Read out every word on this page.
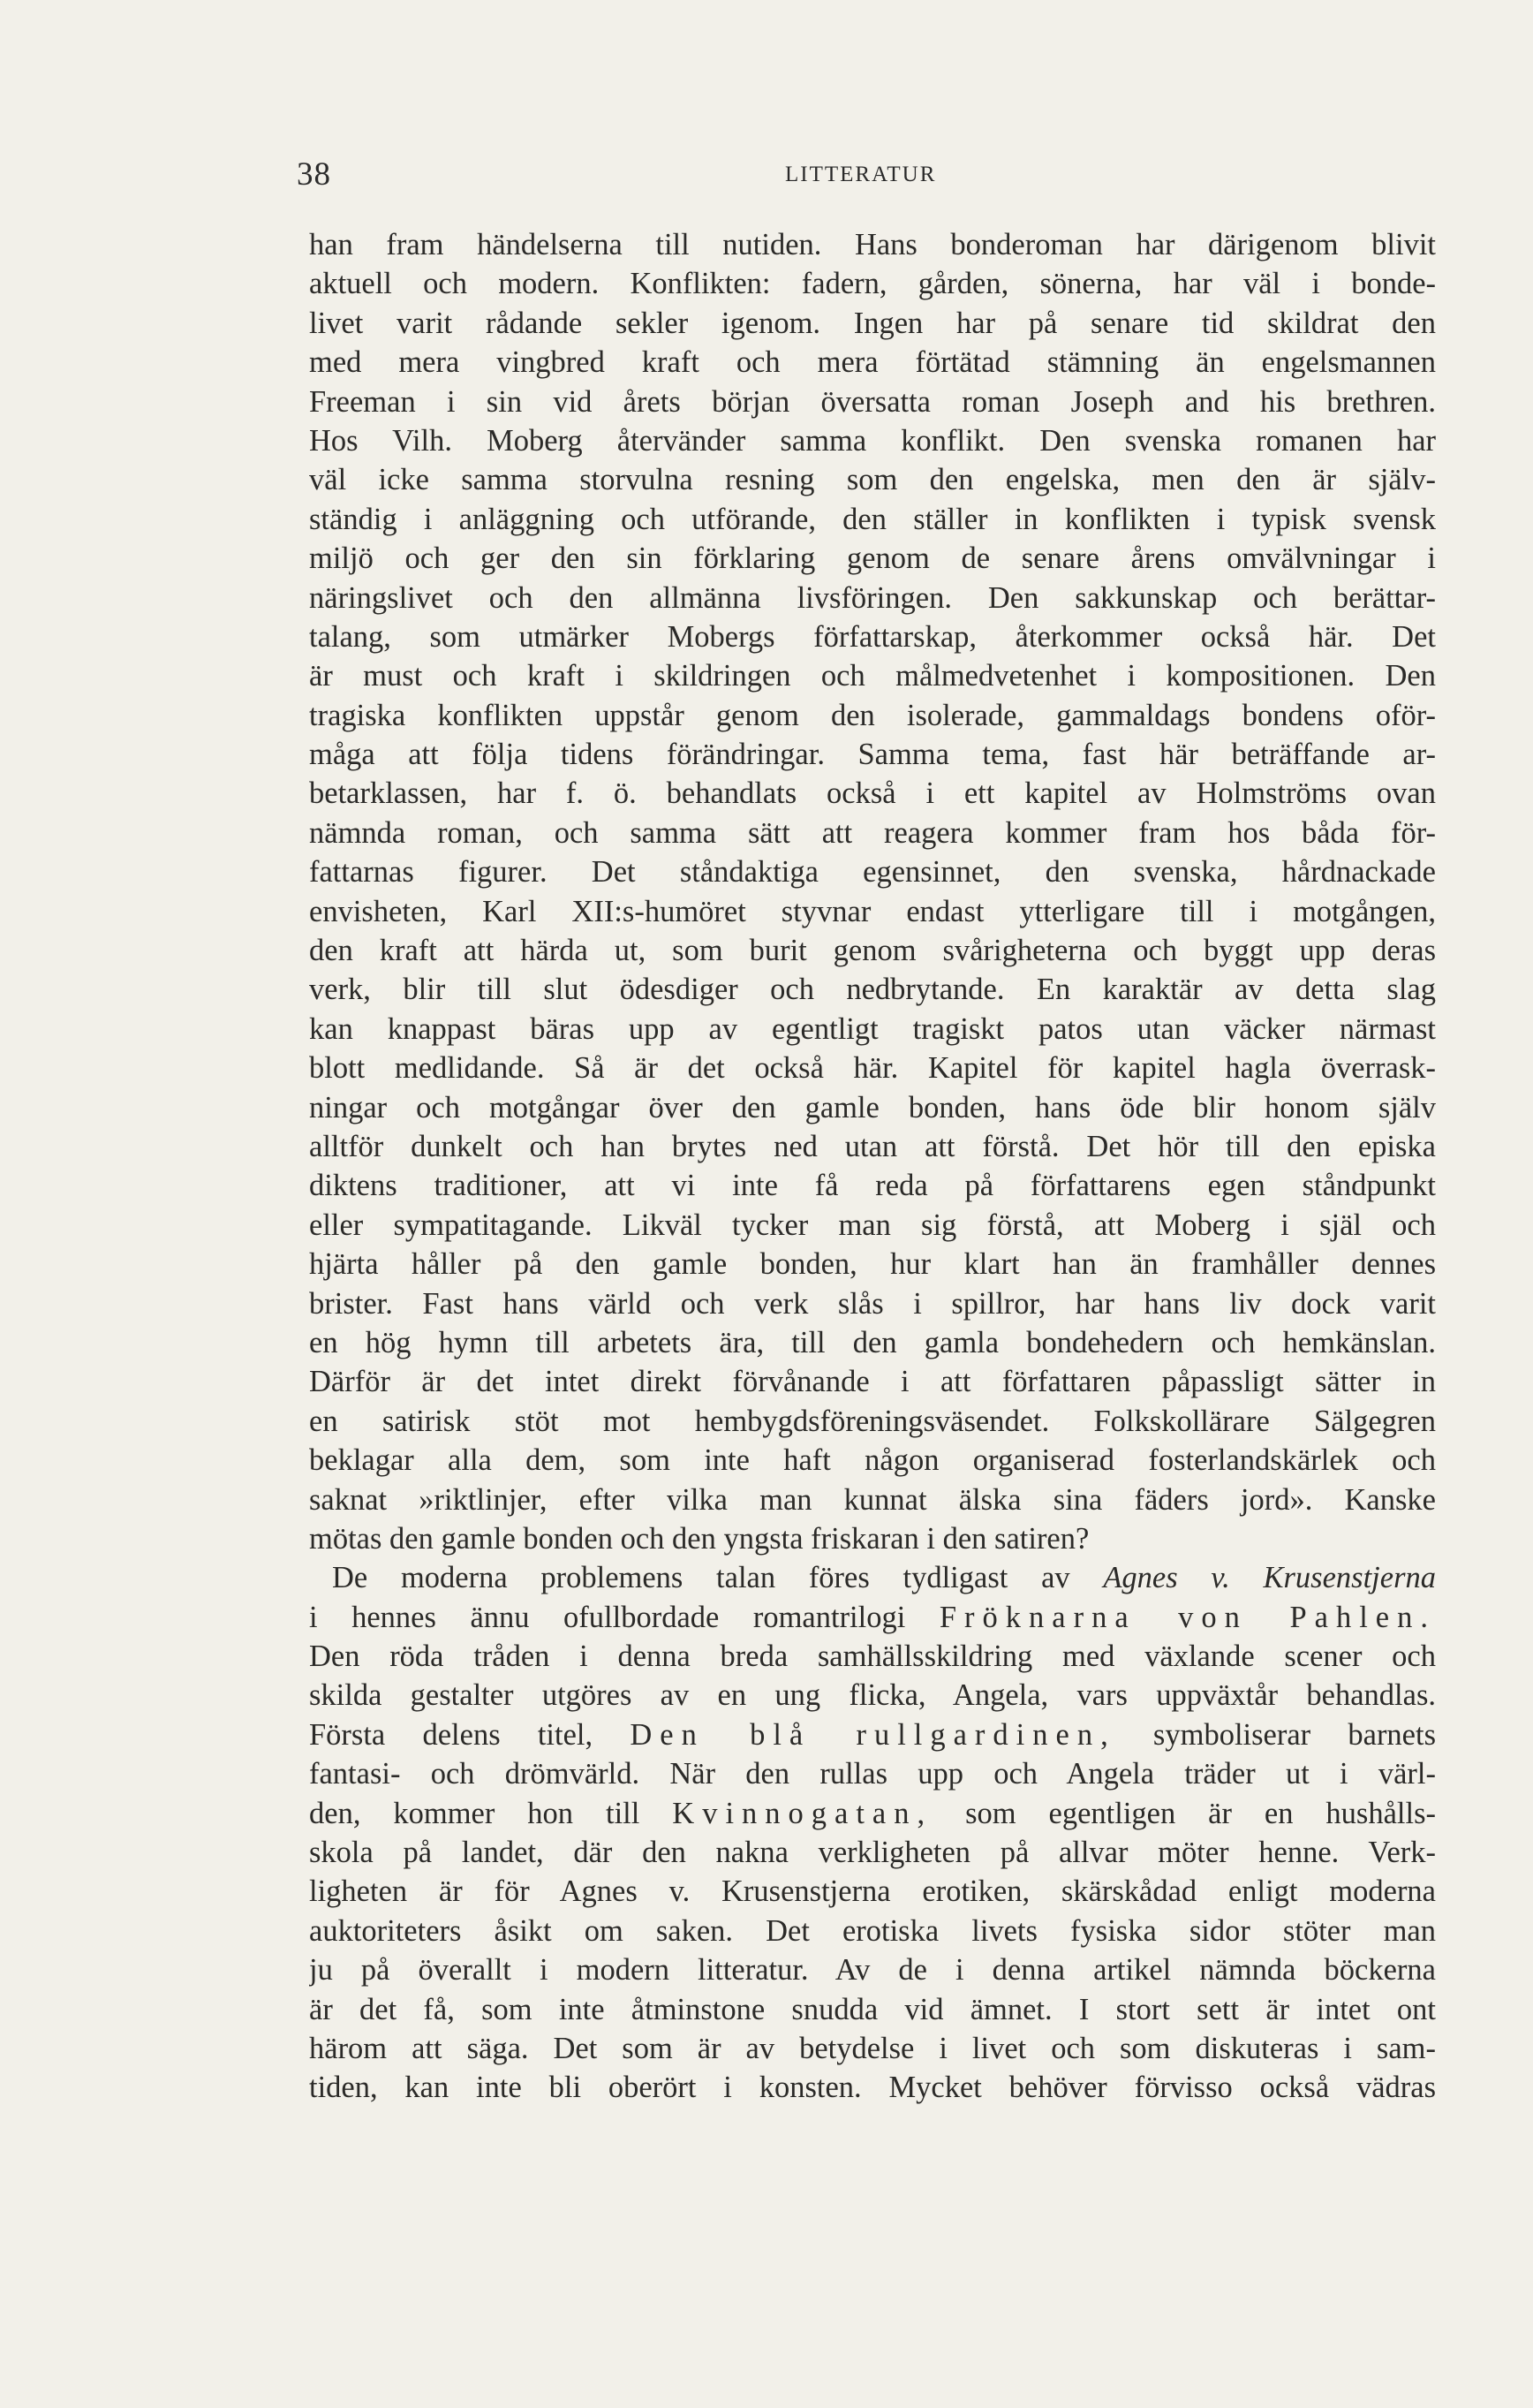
38	LITTERATUR
han fram händelserna till nutiden. Hans bonderoman har därigenom blivit
aktuell och modern. Konflikten: fadern, gården, sönerna, har väl i bonde-
livet varit rådande sekler igenom. Ingen har på senare tid skildrat den
med mera vingbred kraft och mera förtätad stämning än engelsmannen
Freeman i sin vid årets början översatta roman Joseph and his brethren.
Hos Vilh. Moberg återvänder samma konflikt. Den svenska romanen har
väl icke samma storvulna resning som den engelska, men den är själv-
ständig i anläggning och utförande, den ställer in konflikten i typisk svensk
miljö och ger den sin förklaring genom de senare årens omvälvningar i
näringslivet och den allmänna livsföringen. Den sakkunskap och berättar-
talang, som utmärker Mobergs författarskap, återkommer också här. Det
är must och kraft i skildringen och målmedvetenhet i kompositionen. Den
tragiska konflikten uppstår genom den isolerade, gammaldags bondens oför-
måga att följa tidens förändringar. Samma tema, fast här beträffande ar-
betarklassen, har f. ö. behandlats också i ett kapitel av Holmströms ovan
nämnda roman, och samma sätt att reagera kommer fram hos båda för-
fattarnas figurer. Det ståndaktiga egensinnet, den svenska, hårdnackade
envisheten, Karl XII:s-humöret styvnar endast ytterligare till i motgången,
den kraft att härda ut, som burit genom svårigheterna och byggt upp deras
verk, blir till slut ödesdiger och nedbrytande. En karaktär av detta slag
kan knappast bäras upp av egentligt tragiskt patos utan väcker närmast
blott medlidande. Så är det också här. Kapitel för kapitel hagla överrask-
ningar och motgångar över den gamle bonden, hans öde blir honom själv
alltför dunkelt och han brytes ned utan att förstå. Det hör till den episka
diktens traditioner, att vi inte få reda på författarens egen ståndpunkt
eller sympatitagande. Likväl tycker man sig förstå, att Moberg i själ och
hjärta håller på den gamle bonden, hur klart han än framhåller dennes
brister. Fast hans värld och verk slås i spillror, har hans liv dock varit
en hög hymn till arbetets ära, till den gamla bondehedern och hemkänslan.
Därför är det intet direkt förvånande i att författaren påpassligt sätter in
en satirisk stöt mot hembygdsföreningsväsendet. Folkskollärare Sälgegren
beklagar alla dem, som inte haft någon organiserad fosterlandskärlek och
saknat »riktlinjer, efter vilka man kunnat älska sina fäders jord». Kanske
mötas den gamle bonden och den yngsta friskaran i den satiren?
De moderna problemens talan föres tydligast av Agnes v. Krusenstjerna
i hennes ännu ofullbordade romantrilogi Fröknarna von Pahlen.
Den röda tråden i denna breda samhällsskildring med växlande scener och
skilda gestalter utgöres av en ung flicka, Angela, vars uppväxtår behandlas.
Första delens titel, Den blå rullgardinen, symboliserar barnets
fantasi- och drömvärld. När den rullas upp och Angela träder ut i värl-
den, kommer hon till Kvinnogatan, som egentligen är en hushålls-
skola på landet, där den nakna verkligheten på allvar möter henne. Verk-
ligheten är för Agnes v. Krusenstjerna erotiken, skärskådad enligt moderna
auktoriteters åsikt om saken. Det erotiska livets fysiska sidor stöter man
ju på överallt i modern litteratur. Av de i denna artikel nämnda böckerna
är det få, som inte åtminstone snudda vid ämnet. I stort sett är intet ont
härom att säga. Det som är av betydelse i livet och som diskuteras i sam-
tiden, kan inte bli oberört i konsten. Mycket behöver förvisso också vädras
